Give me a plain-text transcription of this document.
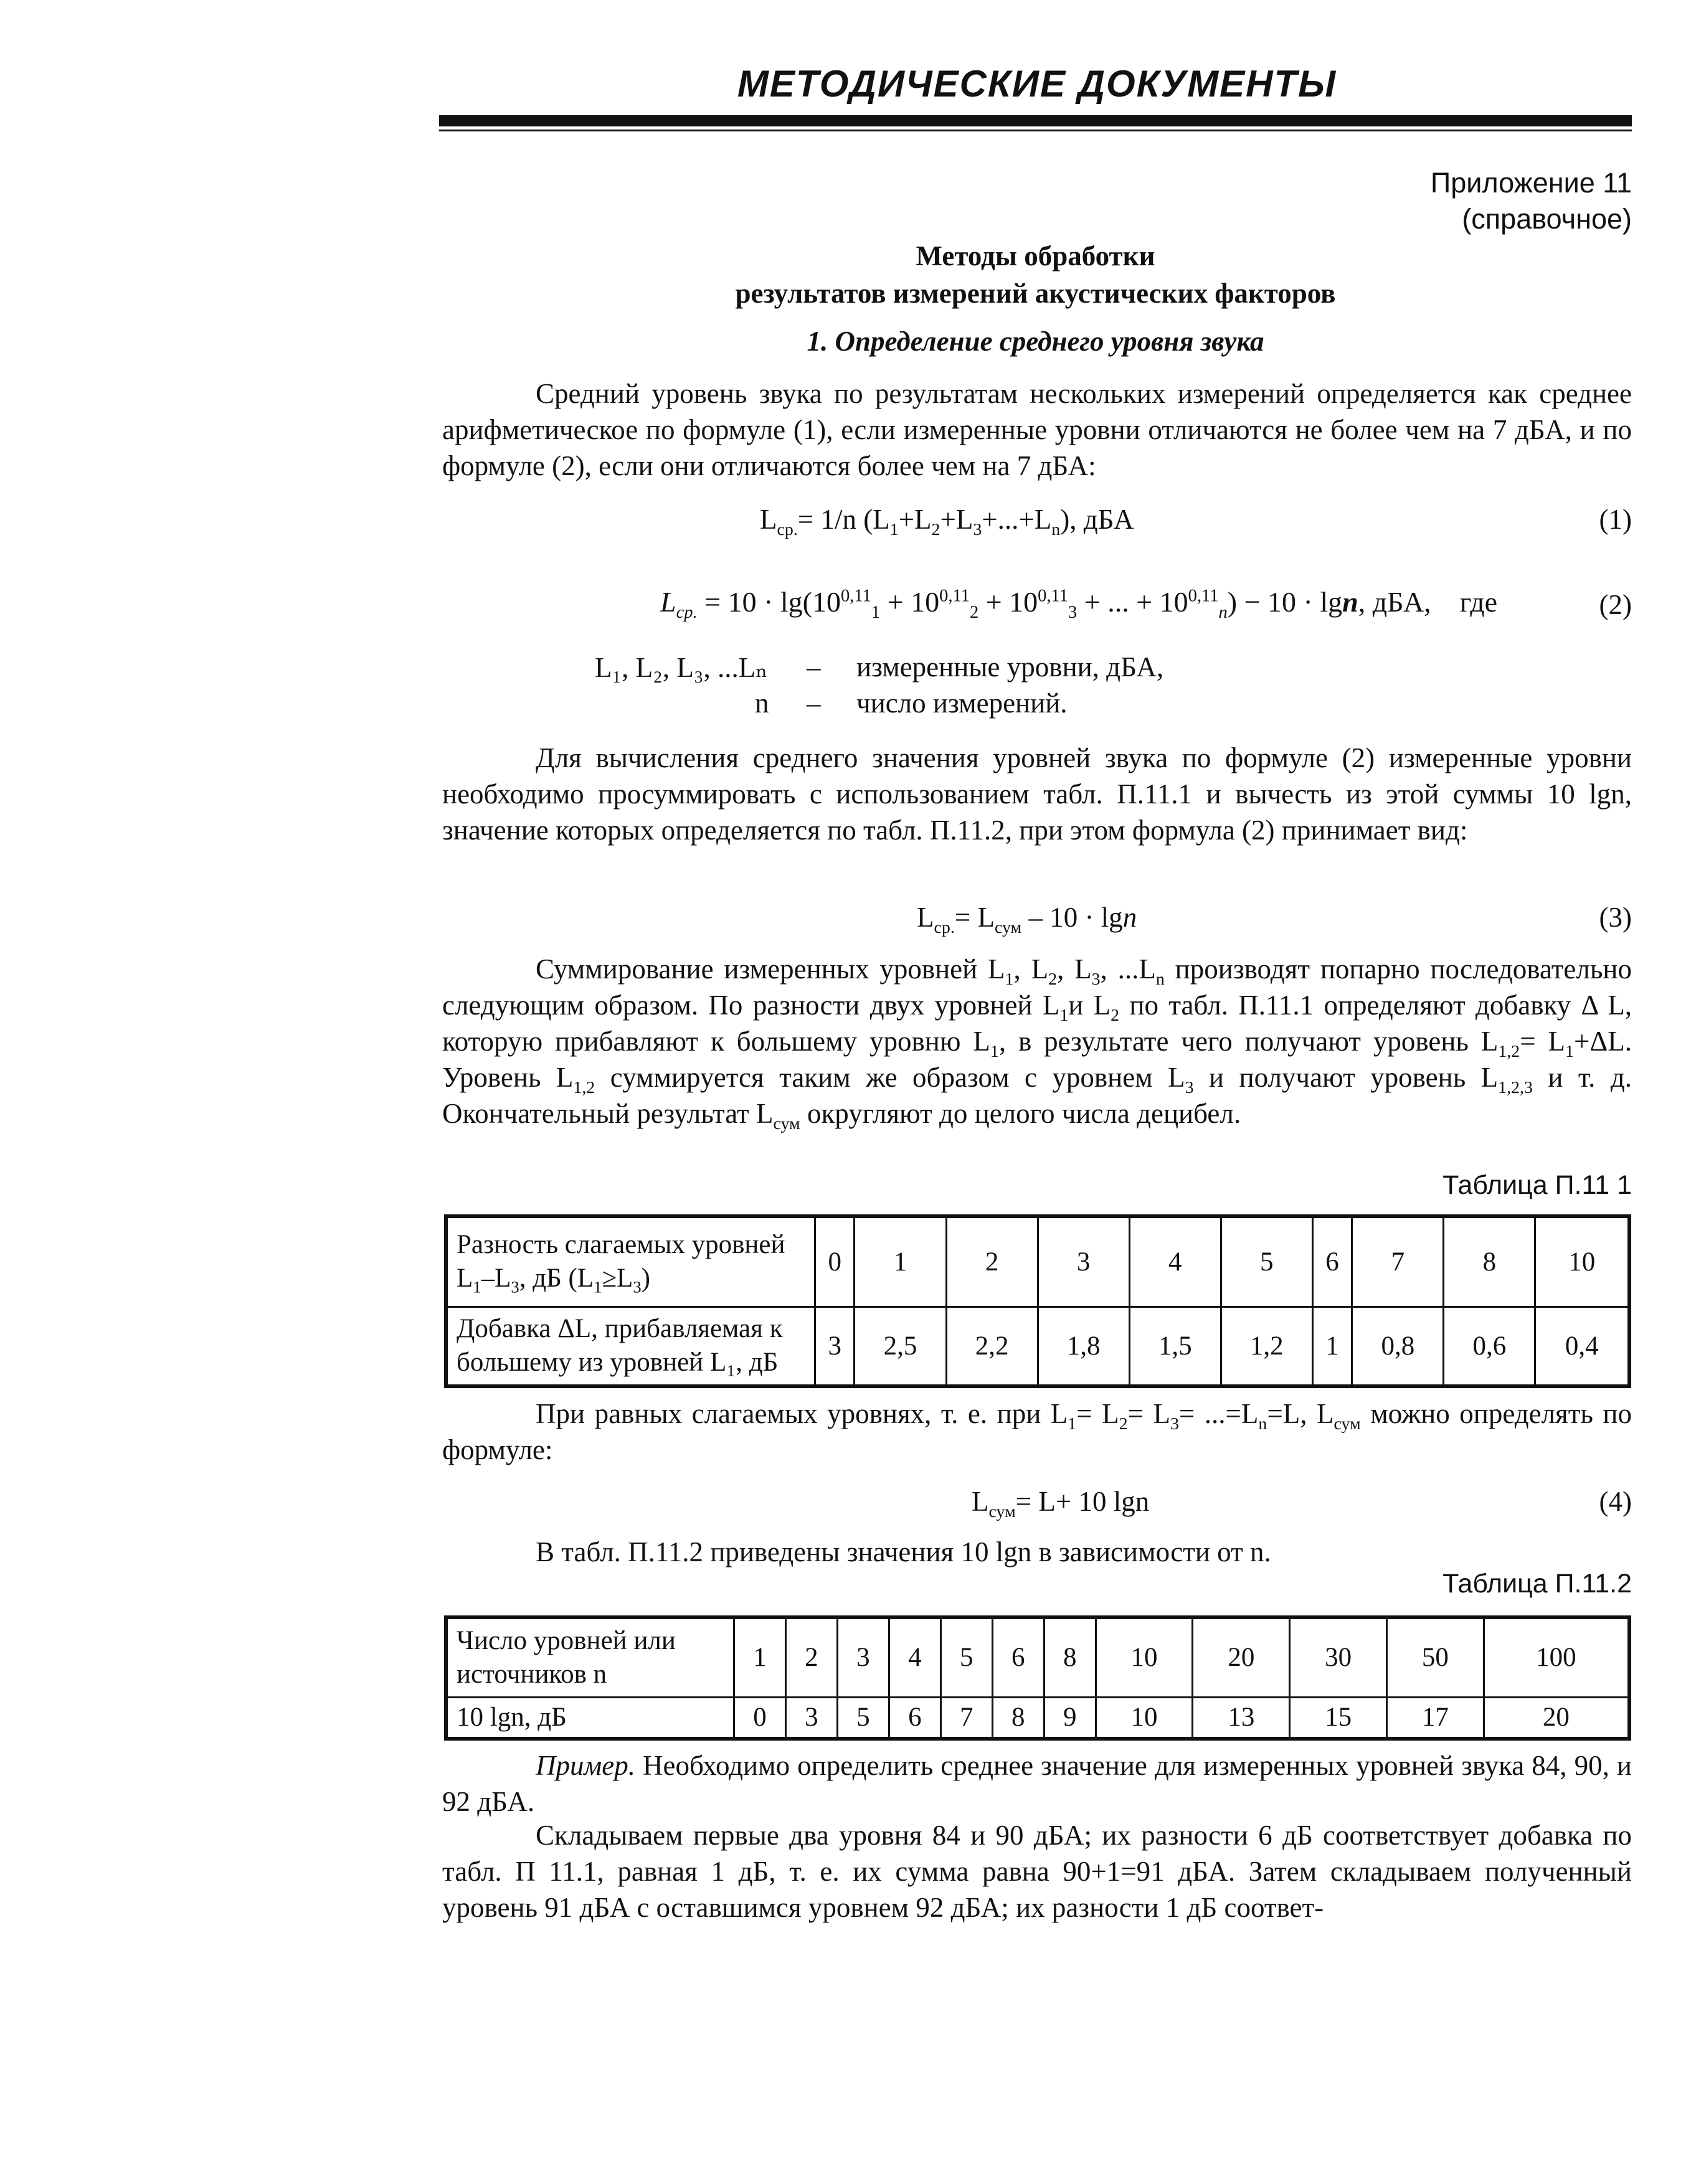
МЕТОДИЧЕСКИЕ ДОКУМЕНТЫ
Приложение 11
(справочное)
Методы обработки
результатов измерений акустических факторов
1. Определение среднего уровня звука

Средний уровень звука по результатам нескольких измерений определяется как среднее арифметическое по формуле (1), если измеренные уровни отличаются не более чем на 7 дБА, и по формуле (2), если они отличаются более чем на 7 дБА:

$L_{ср.}= 1/n$ $(L_1+L_2+L_3+...+L_n)$, дБА	(1)
$L_{ср.} = 10 \cdot \lg(10^{0,11}_1 + 10^{0,11}_2 + 10^{0,11}_3$ + ... + $10^{0,11}_n) - 10 \cdot \lg n$, дБА,    где	(2)
L₁, L₂, L₃, ...Lₙ – измеренные уровни, дБА,
n – число измерений.

Для вычисления среднего значения уровней звука по формуле (2) измеренные уровни необходимо просуммировать с использованием табл. П.11.1 и вычесть из этой суммы 10 lgn, значение которых определяется по табл. П.11.2, при этом формула (2) принимает вид:

$L_{ср.}= L_{сум} - 10 \cdot \lg n$	(3)

Суммирование измеренных уровней $L_1$, $L_2$, $L_3$, $...L_n$ производят попарно последовательно следующим образом. По разности двух уровней $L_1и$ $L_2$ по табл. П.11.1 определяют добавку Δ L, которую прибавляют к большему уровню $L_1$, в результате чего получают уровень $L_{1,2}= L_1+\Delta L$. Уровень $L_{1,2}$ суммируется таким же образом с уровнем $L_3$ и получают уровень $L_{1,2,3}$ и т. д. Окончательный результат $L_{сум}$ округляют до целого числа децибел.

Таблица П.11 1
Разность слагаемых уровней
$L_1-L_3$, дБ $(L_1\ge L_3)$	0	1	2	3	4	5	6	7	8	10
Добавка ΔL, прибавляемая к
большему из уровней L₁, дБ	3	2,5	2,2	1,8	1,5	1,2	1	0,8	0,6	0,4

При равных слагаемых уровнях, т. е. при $L_1= L_2= L_3= ...=L_n=L$, $L_{сум}$ можно определять по формуле:

$L_{сум}= L+ 10$ lgn	(4)

В табл. П.11.2 приведены значения 10 lgn в зависимости от n.

Таблица П.11.2
Число уровней или
источников n	1	2	3	4	5	6	8	10	20	30	50	100
10 lgn, дБ	0	3	5	6	7	8	9	10	13	15	17	20

Пример. Необходимо определить среднее значение для измеренных уровней звука 84, 90, и 92 дБА.

Складываем первые два уровня 84 и 90 дБА; их разности 6 дБ соответствует добавка по табл. П 11.1, равная 1 дБ, т. е. их сумма равна 90+1=91 дБА. Затем складываем полученный уровень 91 дБА с оставшимся уровнем 92 дБА; их разности 1 дБ соответ-
